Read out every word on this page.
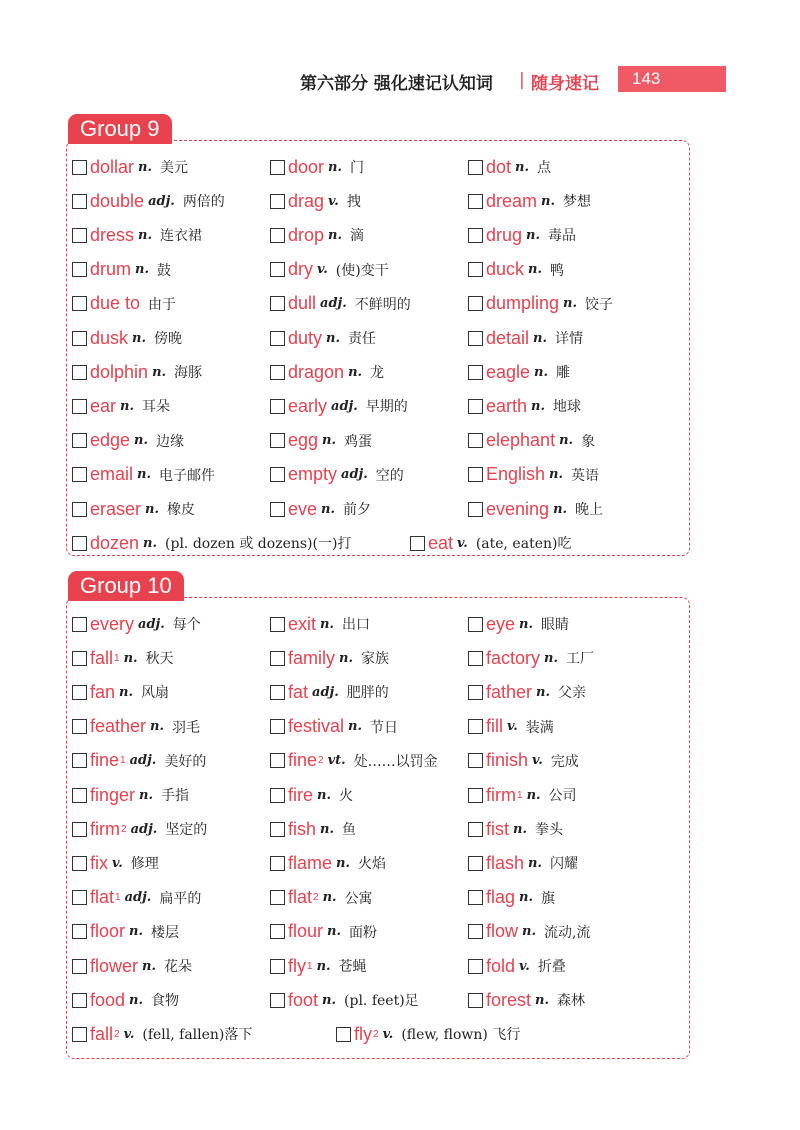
第六部分 强化速记认知词 | 随身速记 143
Group 9
Group 10
dollar n. 美元	door n. 门	dot n. 点
double adj. 两倍的	drag v. 拽	dream n. 梦想
dress n. 连衣裙	drop n. 滴	drug n. 毒品
drum n. 鼓	dry v. (使)变干	duck n. 鸭
due to 由于	dull adj. 不鲜明的	dumpling n. 饺子
dusk n. 傍晚	duty n. 责任	detail n. 详情
dolphin n. 海豚	dragon n. 龙	eagle n. 雕
ear n. 耳朵	early adj. 早期的	earth n. 地球
edge n. 边缘	egg n. 鸡蛋	elephant n. 象
email n. 电子邮件	empty adj. 空的	English n. 英语
eraser n. 橡皮	eve n. 前夕	evening n. 晚上
dozen n. (pl. dozen 或 dozens)(一)打	eat v. (ate, eaten)吃
every adj. 每个	exit n. 出口	eye n. 眼睛
fall 1 n. 秋天	family n. 家族	factory n. 工厂
fan n. 风扇	fat adj. 肥胖的	father n. 父亲
feather n. 羽毛	festival n. 节日	fill v. 装满
fine 1 adj. 美好的	fine 2 vt. 处……以罚金	finish v. 完成
finger n. 手指	fire n. 火	firm 1 n. 公司
firm 2 adj. 坚定的	fish n. 鱼	fist n. 拳头
fix v. 修理	flame n. 火焰	flash n. 闪耀
flat 1 adj. 扁平的	flat 2 n. 公寓	flag n. 旗
floor n. 楼层	flour n. 面粉	flow n. 流动,流
flower n. 花朵	fly 1 n. 苍蝇	fold v. 折叠
food n. 食物	foot n. (pl. feet)足	forest n. 森林
fall 2 v. (fell, fallen)落下	fly 2 v. (flew, flown) 飞行
